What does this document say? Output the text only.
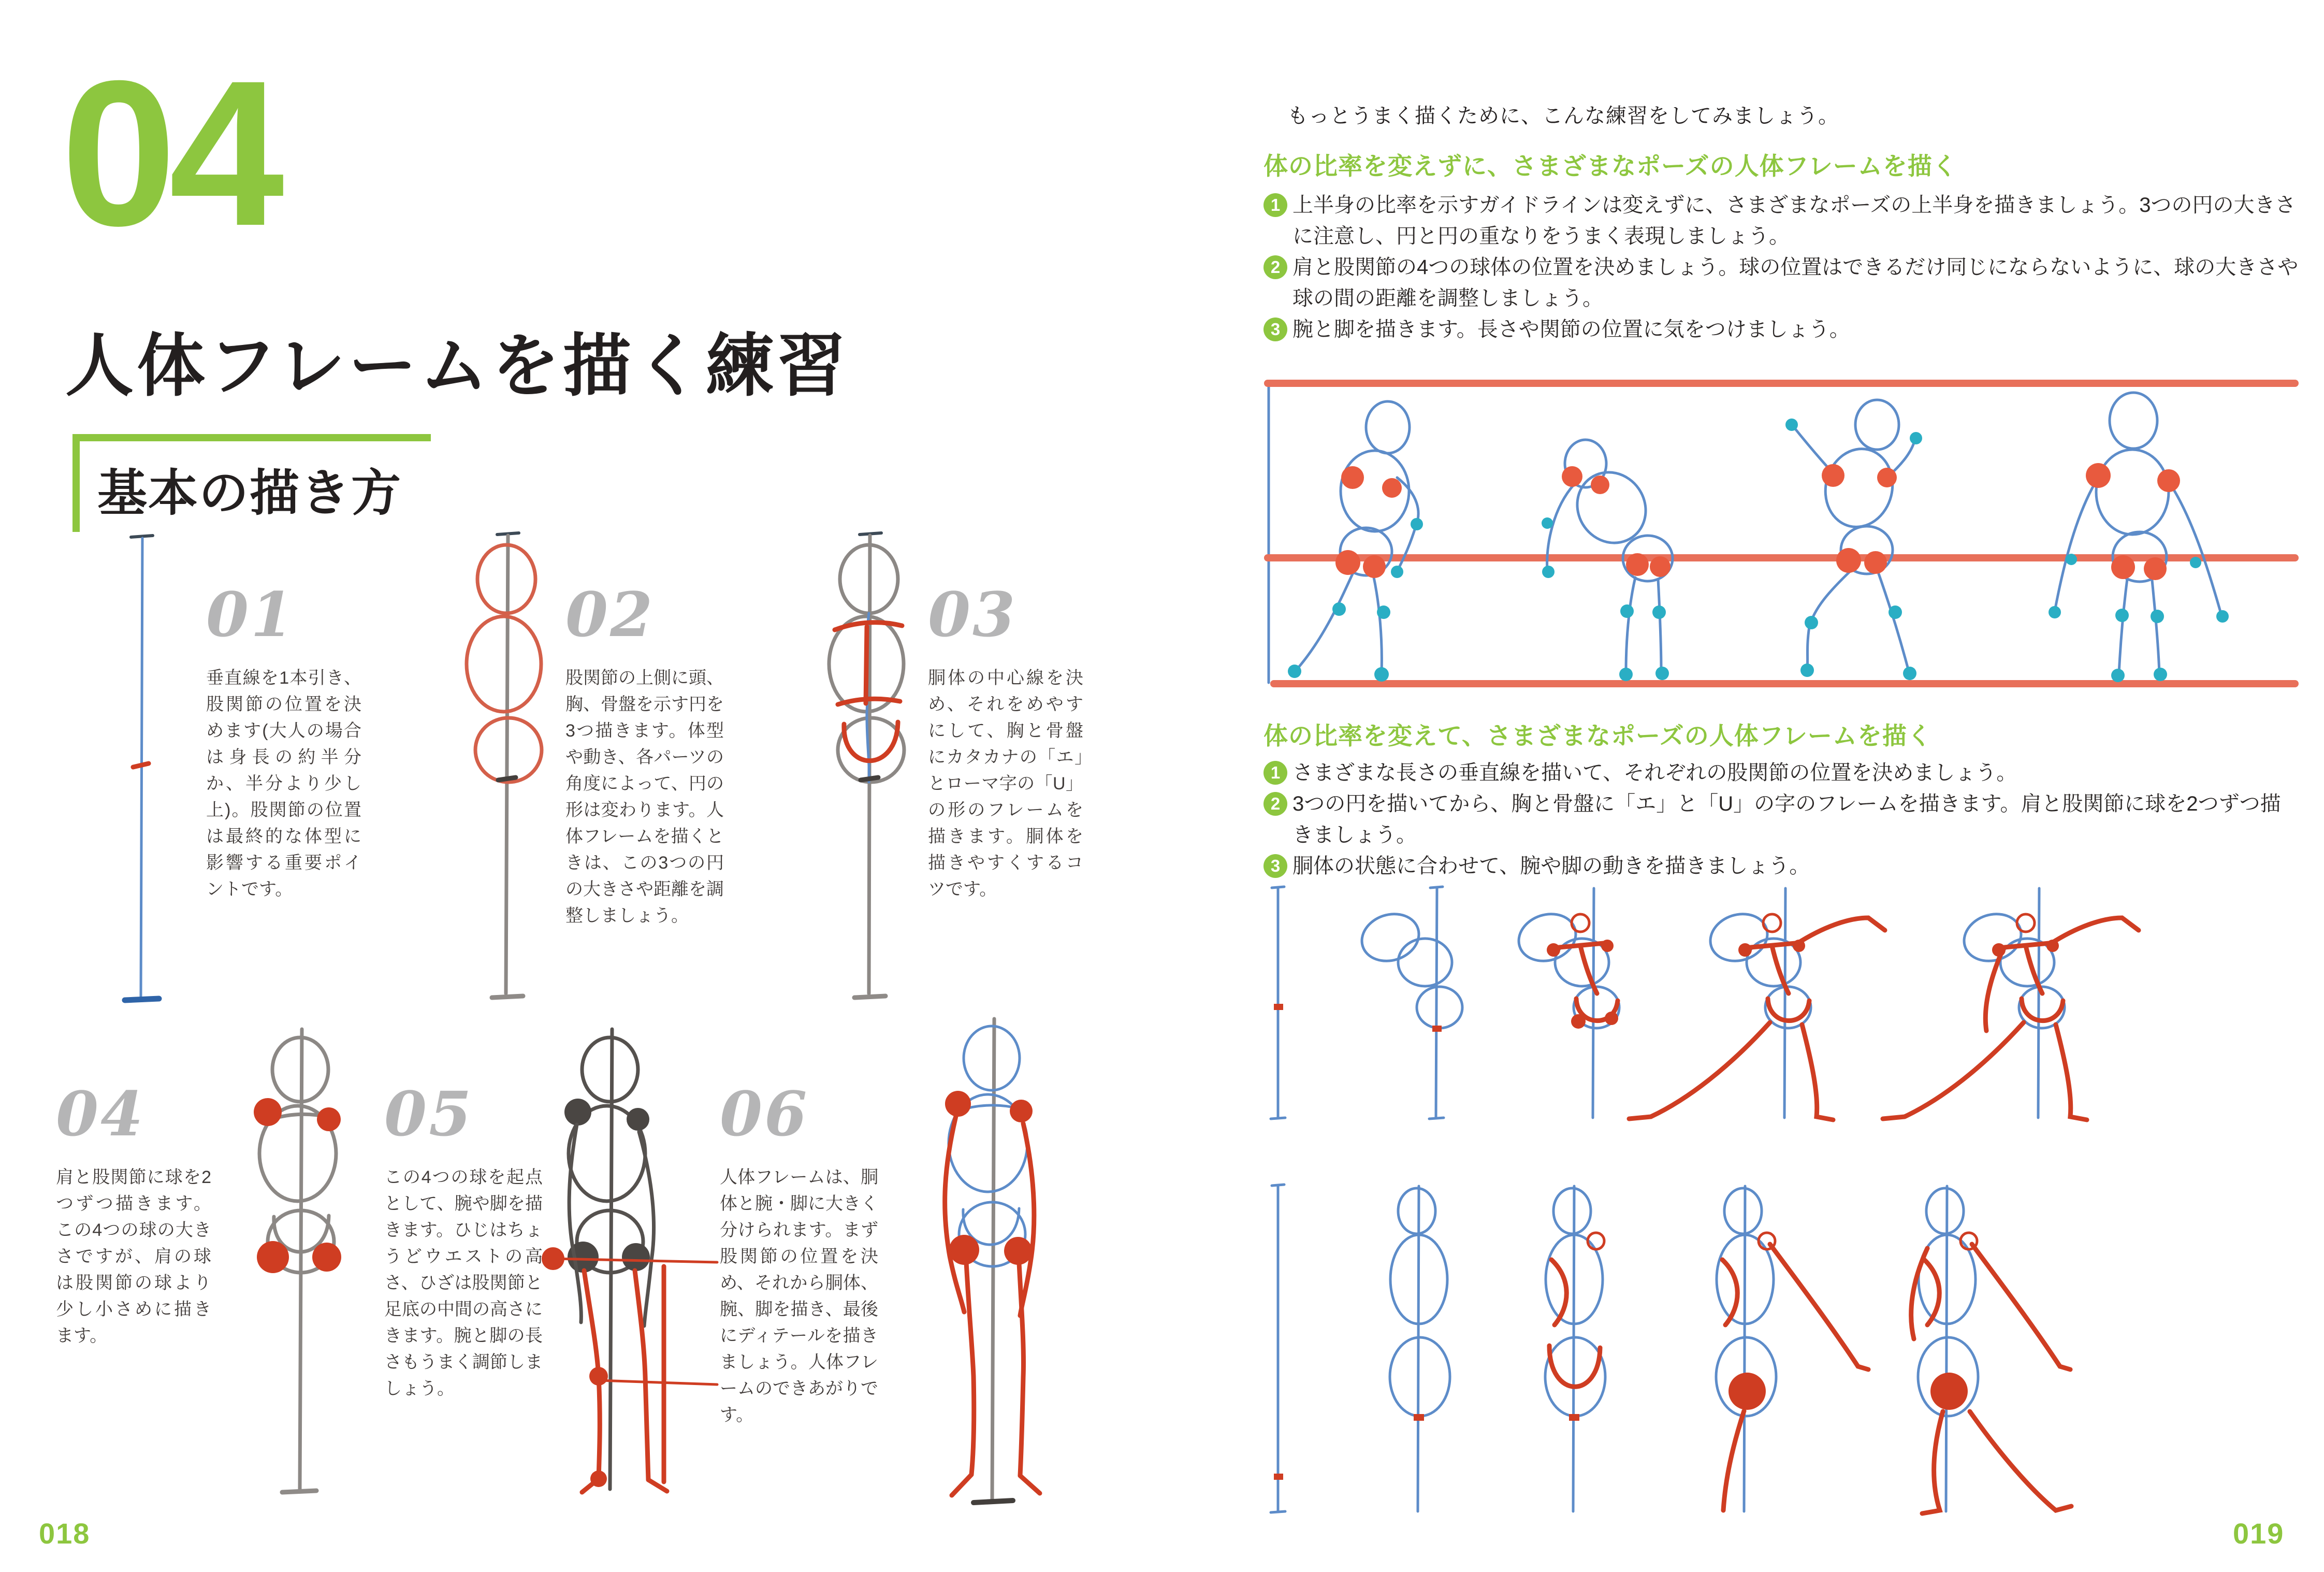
04
人体フレームを描く練習
基本の描き方
01

垂直線を1本引き、股関節の位置を決めます(大人の場合は身長の約半分か、半分より少し上)。股関節の位置は最終的な体型に影響する重要ポイントです。

02

股関節の上側に頭、胸、骨盤を示す円を3つ描きます。体型や動き、各パーツの角度によって、円の形は変わります。人体フレームを描くときは、この3つの円の大きさや距離を調整しましょう。

03

胴体の中心線を決め、それをめやすにして、胸と骨盤にカタカナの「エ」とローマ字の「U」の形のフレームを描きます。胴体を描きやすくするコツです。

04

肩と股関節に球を2つずつ描きます。この4つの球の大きさですが、肩の球は股関節の球より少し小さめに描きます。

05

この4つの球を起点として、腕や脚を描きます。ひじはちょうどウエストの高さ、ひざは股関節と足底の中間の高さにきます。腕と脚の長さもうまく調節しましょう。

06

人体フレームは、胴体と腕・脚に大きく分けられます。まず股関節の位置を決め、それから胴体、腕、脚を描き、最後にディテールを描きましょう。人体フレームのできあがりです。

018

もっとうまく描くために、こんな練習をしてみましょう。

体の比率を変えずに、さまざまなポーズの人体フレームを描く
1 上半身の比率を示すガイドラインは変えずに、さまざまなポーズの上半身を描きましょう。3つの円の大きさに注意し、円と円の重なりをうまく表現しましょう。
2 肩と股関節の4つの球体の位置を決めましょう。球の位置はできるだけ同じにならないように、球の大きさや球の間の距離を調整しましょう。
3 腕と脚を描きます。長さや関節の位置に気をつけましょう。
体の比率を変えて、さまざまなポーズの人体フレームを描く
1 さまざまな長さの垂直線を描いて、それぞれの股関節の位置を決めましょう。
2 3つの円を描いてから、胸と骨盤に「エ」と「U」の字のフレームを描きます。肩と股関節に球を2つずつ描きましょう。
3 胴体の状態に合わせて、腕や脚の動きを描きましょう。
019
